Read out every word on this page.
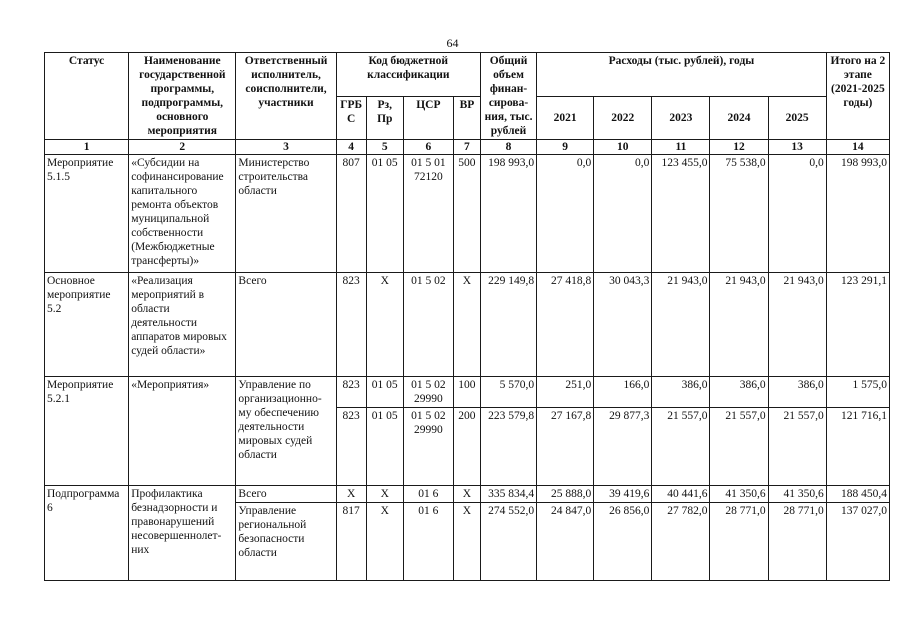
64
Статус	Наименование государственной программы, подпрограммы, основного мероприятия	Ответственный исполнитель, соисполнители, участники	Код бюджетной классификации				Общий объем финан-сирова-ния, тыс. рублей	Расходы (тыс. рублей), годы					Итого на 2 этапе (2021-2025 годы)
			ГРБС	Рз, Пр	ЦСР	ВР		2021	2022	2023	2024	2025	
1	2	3	4	5	6	7	8	9	10	11	12	13	14
Мероприятие 5.1.5	«Субсидии на софинансирование капитального ремонта объектов муниципальной собственности (Межбюджетные трансферты)»	Министерство строительства области	807	01 05	01 5 01 72120	500	198 993,0	0,0	0,0	123 455,0	75 538,0	0,0	198 993,0
Основное мероприятие 5.2	«Реализация мероприятий в области деятельности аппаратов мировых судей области»	Всего	823	X	01 5 02	X	229 149,8	27 418,8	30 043,3	21 943,0	21 943,0	21 943,0	123 291,1
Мероприятие 5.2.1	«Мероприятия»	Управление по организационно-му обеспечению деятельности мировых судей области	823	01 05	01 5 02 29990	100	5 570,0	251,0	166,0	386,0	386,0	386,0	1 575,0
			823	01 05	01 5 02 29990	200	223 579,8	27 167,8	29 877,3	21 557,0	21 557,0	21 557,0	121 716,1
Подпрограмма 6	Профилактика безнадзорности и правонарушений несовершеннолет-них	Всего	X	X	01 6	X	335 834,4	25 888,0	39 419,6	40 441,6	41 350,6	41 350,6	188 450,4
		Управление региональной безопасности области	817	X	01 6	X	274 552,0	24 847,0	26 856,0	27 782,0	28 771,0	28 771,0	137 027,0
